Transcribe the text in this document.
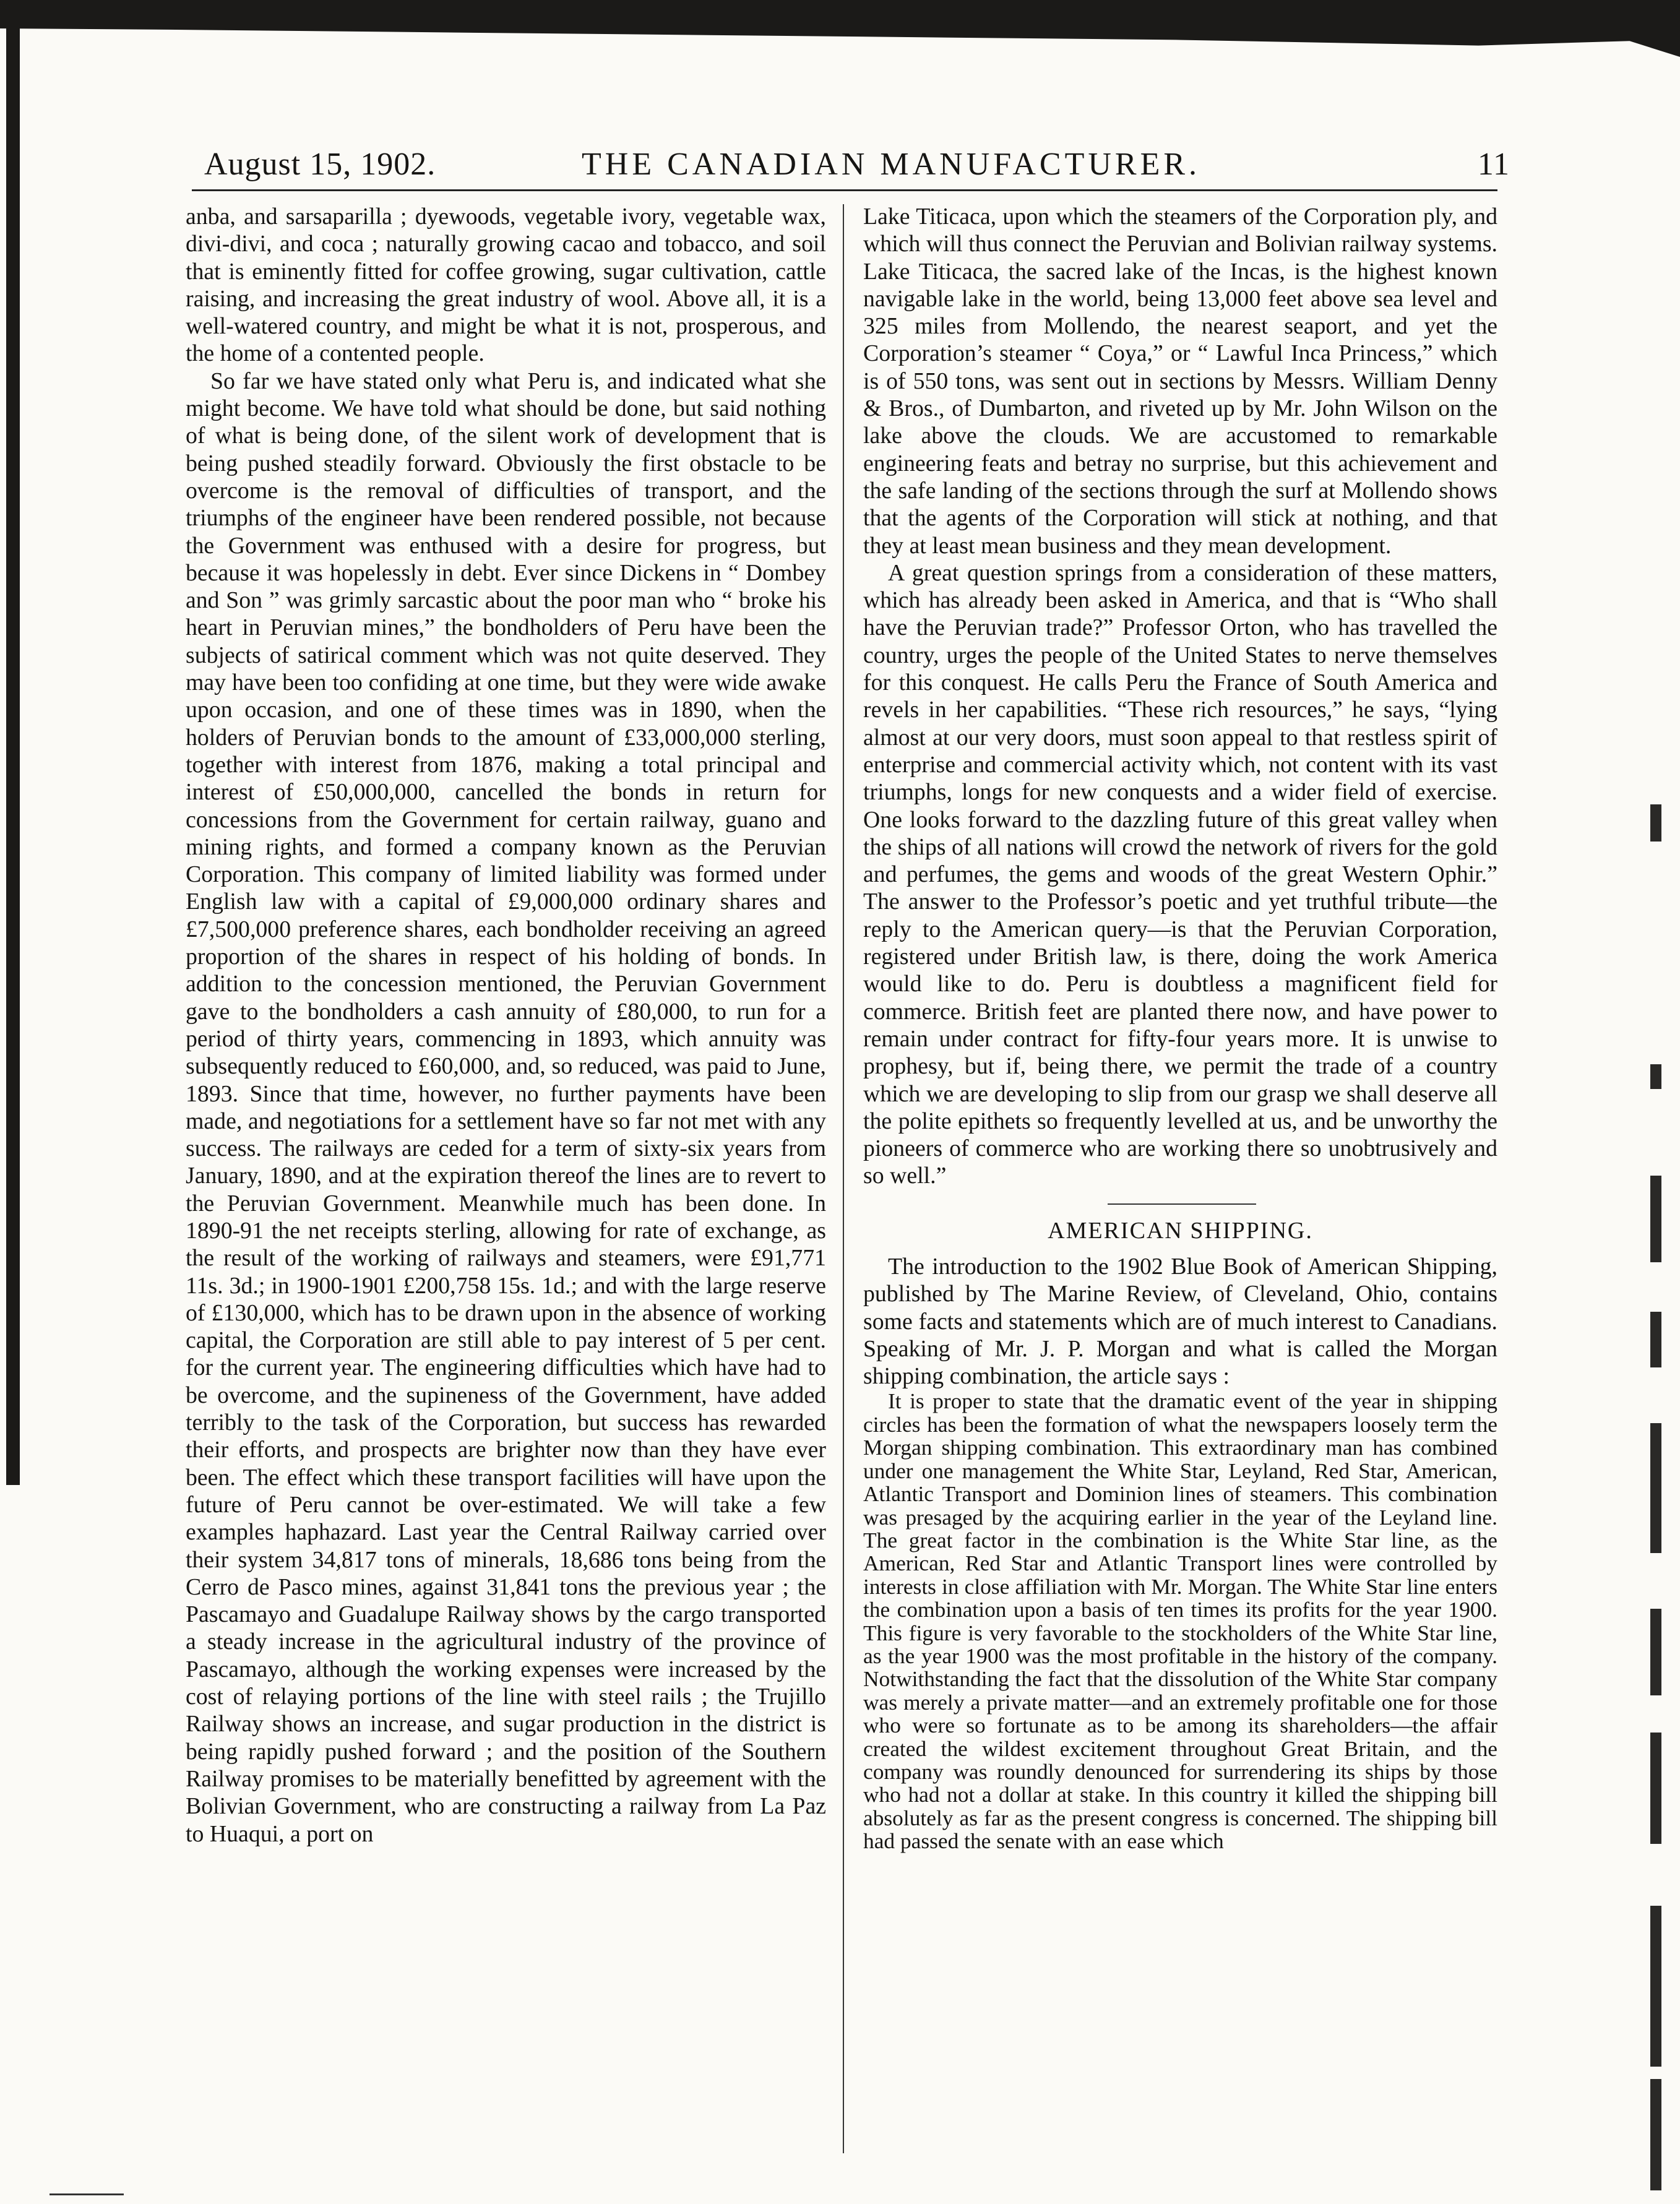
August 15, 1902.	THE CANADIAN MANUFACTURER.	11

anba, and sarsaparilla ; dyewoods, vegetable ivory, vegetable wax, divi-divi, and coca ; naturally growing cacao and tobacco, and soil that is eminently fitted for coffee growing, sugar cultivation, cattle raising, and increasing the great industry of wool. Above all, it is a well-watered country, and might be what it is not, prosperous, and the home of a contented people.

So far we have stated only what Peru is, and indicated what she might become. We have told what should be done, but said nothing of what is being done, of the silent work of development that is being pushed steadily forward. Obviously the first obstacle to be overcome is the removal of difficulties of transport, and the triumphs of the engineer have been rendered possible, not because the Government was enthused with a desire for progress, but because it was hopelessly in debt. Ever since Dickens in “ Dombey and Son ” was grimly sarcastic about the poor man who “ broke his heart in Peruvian mines,” the bondholders of Peru have been the subjects of satirical comment which was not quite deserved. They may have been too confiding at one time, but they were wide awake upon occasion, and one of these times was in 1890, when the holders of Peruvian bonds to the amount of £33,000,000 sterling, together with interest from 1876, making a total principal and interest of £50,000,000, cancelled the bonds in return for concessions from the Government for certain railway, guano and mining rights, and formed a company known as the Peruvian Corporation. This company of limited liability was formed under English law with a capital of £9,000,000 ordinary shares and £7,500,000 preference shares, each bondholder receiving an agreed proportion of the shares in respect of his holding of bonds. In addition to the concession mentioned, the Peruvian Government gave to the bondholders a cash annuity of £80,000, to run for a period of thirty years, commencing in 1893, which annuity was subsequently reduced to £60,000, and, so reduced, was paid to June, 1893. Since that time, however, no further payments have been made, and negotiations for a settlement have so far not met with any success. The railways are ceded for a term of sixty-six years from January, 1890, and at the expiration thereof the lines are to revert to the Peruvian Government. Meanwhile much has been done. In 1890-91 the net receipts sterling, allowing for rate of exchange, as the result of the working of railways and steamers, were £91,771 11s. 3d.; in 1900-1901 £200,758 15s. 1d.; and with the large reserve of £130,000, which has to be drawn upon in the absence of working capital, the Corporation are still able to pay interest of 5 per cent. for the current year. The engineering difficulties which have had to be overcome, and the supineness of the Government, have added terribly to the task of the Corporation, but success has rewarded their efforts, and prospects are brighter now than they have ever been. The effect which these transport facilities will have upon the future of Peru cannot be over-estimated. We will take a few examples haphazard. Last year the Central Railway carried over their system 34,817 tons of minerals, 18,686 tons being from the Cerro de Pasco mines, against 31,841 tons the previous year ; the Pascamayo and Guadalupe Railway shows by the cargo transported a steady increase in the agricultural industry of the province of Pascamayo, although the working expenses were increased by the cost of relaying portions of the line with steel rails ; the Trujillo Railway shows an increase, and sugar production in the district is being rapidly pushed forward ; and the position of the Southern Railway promises to be materially benefitted by agreement with the Bolivian Government, who are constructing a railway from La Paz to Huaqui, a port on

Lake Titicaca, upon which the steamers of the Corporation ply, and which will thus connect the Peruvian and Bolivian railway systems. Lake Titicaca, the sacred lake of the Incas, is the highest known navigable lake in the world, being 13,000 feet above sea level and 325 miles from Mollendo, the nearest seaport, and yet the Corporation’s steamer “ Coya,” or “ Lawful Inca Princess,” which is of 550 tons, was sent out in sections by Messrs. William Denny & Bros., of Dumbarton, and riveted up by Mr. John Wilson on the lake above the clouds. We are accustomed to remarkable engineering feats and betray no surprise, but this achievement and the safe landing of the sections through the surf at Mollendo shows that the agents of the Corporation will stick at nothing, and that they at least mean business and they mean development.

A great question springs from a consideration of these matters, which has already been asked in America, and that is “Who shall have the Peruvian trade?” Professor Orton, who has travelled the country, urges the people of the United States to nerve themselves for this conquest. He calls Peru the France of South America and revels in her capabilities. “These rich resources,” he says, “lying almost at our very doors, must soon appeal to that restless spirit of enterprise and commercial activity which, not content with its vast triumphs, longs for new conquests and a wider field of exercise. One looks forward to the dazzling future of this great valley when the ships of all nations will crowd the network of rivers for the gold and perfumes, the gems and woods of the great Western Ophir.” The answer to the Professor’s poetic and yet truthful tribute—the reply to the American query—is that the Peruvian Corporation, registered under British law, is there, doing the work America would like to do. Peru is doubtless a magnificent field for commerce. British feet are planted there now, and have power to remain under contract for fifty-four years more. It is unwise to prophesy, but if, being there, we permit the trade of a country which we are developing to slip from our grasp we shall deserve all the polite epithets so frequently levelled at us, and be unworthy the pioneers of commerce who are working there so unobtrusively and so well.”

AMERICAN SHIPPING.

The introduction to the 1902 Blue Book of American Shipping, published by The Marine Review, of Cleveland, Ohio, contains some facts and statements which are of much interest to Canadians. Speaking of Mr. J. P. Morgan and what is called the Morgan shipping combination, the article says :

It is proper to state that the dramatic event of the year in shipping circles has been the formation of what the newspapers loosely term the Morgan shipping combination. This extraordinary man has combined under one management the White Star, Leyland, Red Star, American, Atlantic Transport and Dominion lines of steamers. This combination was presaged by the acquiring earlier in the year of the Leyland line. The great factor in the combination is the White Star line, as the American, Red Star and Atlantic Transport lines were controlled by interests in close affiliation with Mr. Morgan. The White Star line enters the combination upon a basis of ten times its profits for the year 1900. This figure is very favorable to the stockholders of the White Star line, as the year 1900 was the most profitable in the history of the company. Notwithstanding the fact that the dissolution of the White Star company was merely a private matter—and an extremely profitable one for those who were so fortunate as to be among its shareholders—the affair created the wildest excitement throughout Great Britain, and the company was roundly denounced for surrendering its ships by those who had not a dollar at stake. In this country it killed the shipping bill absolutely as far as the present congress is concerned. The shipping bill had passed the senate with an ease which
